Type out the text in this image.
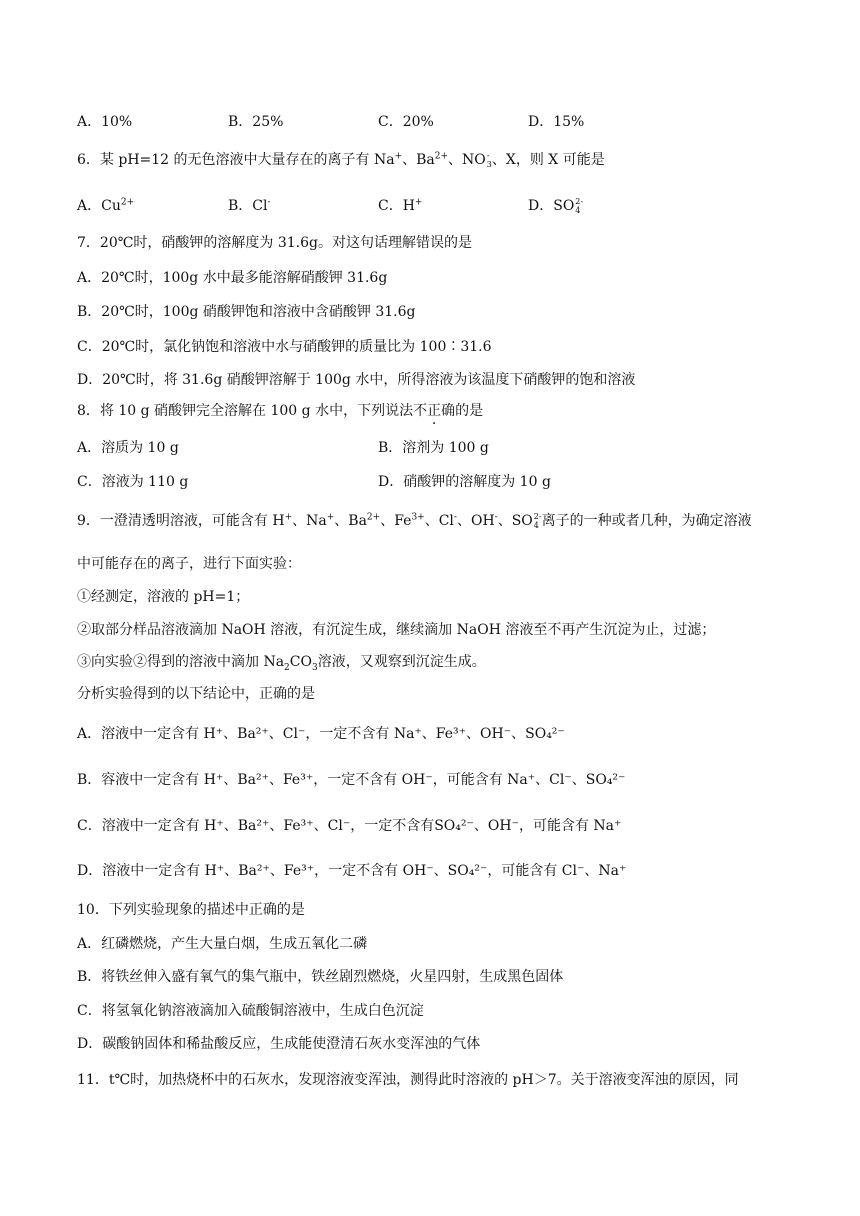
A．10%	B．25%	C．20%	D．15%
6．某 pH=12 的无色溶液中大量存在的离子有 Na+、$Ba^{2+}$、NO -
3 、X，则 X 可能是
A．$Cu^{2+}$	B．Cl-	C．H+	D．SO 2-
4
7．20℃时，硝酸钾的溶解度为 31.6g。对这句话理解错误的是
A．20℃时，100g 水中最多能溶解硝酸钾 31.6g
B．20℃时，100g 硝酸钾饱和溶液中含硝酸钾 31.6g
C．20℃时，氯化钠饱和溶液中水与硝酸钾的质量比为 100∶31.6
D．20℃时，将 31.6g 硝酸钾溶解于 100g 水中，所得溶液为该温度下硝酸钾的饱和溶液
8．将 10 g 硝酸钾完全溶解在 100 g 水中，下列说法不正确的是
A．溶质为 10 g	B．溶剂为 100 g
C．溶液为 110 g	D．硝酸钾的溶解度为 10 g
9．一澄清透明溶液，可能含有 H+、Na+、$Ba^{2+}$、$Fe^{3+}$、Cl-、OH-、SO 2-
4 离子的一种或者几种，为确定溶液
中可能存在的离子，进行下面实验：
①经测定，溶液的 pH=1；
②取部分样品溶液滴加 NaOH 溶液，有沉淀生成，继续滴加 NaOH 溶液至不再产生沉淀为止，过滤；
③向实验②得到的溶液中滴加 $Na_2CO_3$溶液，又观察到沉淀生成。
分析实验得到的以下结论中，正确的是
A．溶液中一定含有 H⁺、Ba²⁺、Cl⁻，一定不含有 Na⁺、Fe³⁺、OH⁻、SO₄²⁻
B．容液中一定含有 H⁺、Ba²⁺、Fe³⁺，一定不含有 OH⁻，可能含有 Na⁺、Cl⁻、SO₄²⁻
C．溶液中一定含有 H⁺、Ba²⁺、Fe³⁺、Cl⁻，一定不含有SO₄²⁻、OH⁻，可能含有 Na⁺
D．溶液中一定含有 H⁺、Ba²⁺、Fe³⁺，一定不含有 OH⁻、SO₄²⁻，可能含有 Cl⁻、Na⁺
10．下列实验现象的描述中正确的是
A．红磷燃烧，产生大量白烟，生成五氧化二磷
B．将铁丝伸入盛有氧气的集气瓶中，铁丝剧烈燃烧，火星四射，生成黑色固体
C．将氢氧化钠溶液滴加入硫酸铜溶液中，生成白色沉淀
D．碳酸钠固体和稀盐酸反应，生成能使澄清石灰水变浑浊的气体
11．t℃时，加热烧杯中的石灰水，发现溶液变浑浊，测得此时溶液的 pH＞7。关于溶液变浑浊的原因，同
